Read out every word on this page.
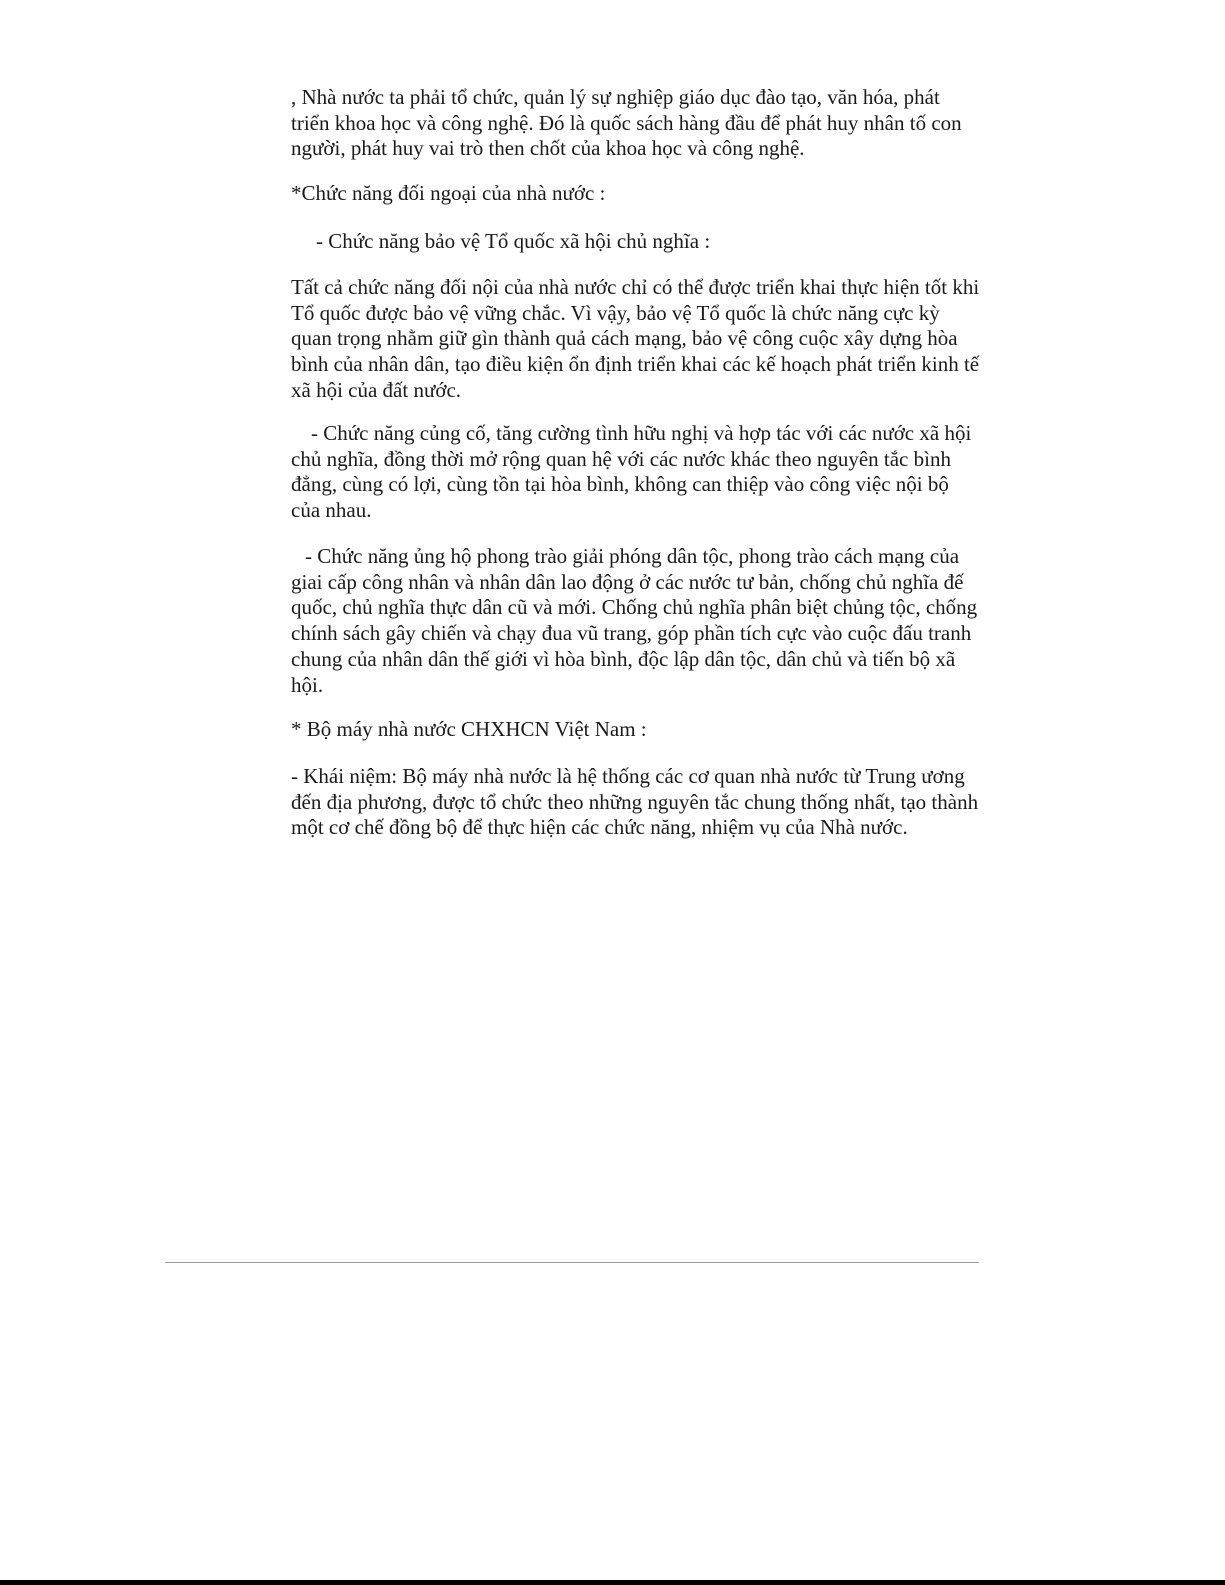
, Nhà nước ta phải tổ chức, quản lý sự nghiệp giáo dục đào tạo, văn hóa, phát triển khoa học và công nghệ. Đó là quốc sách hàng đầu để phát huy nhân tố con người, phát huy vai trò then chốt của khoa học và công nghệ.

*Chức năng đối ngoại của nhà nước :

- Chức năng bảo vệ Tổ quốc xã hội chủ nghĩa :

Tất cả chức năng đối nội của nhà nước chỉ có thể được triển khai thực hiện tốt khi Tổ quốc được bảo vệ vững chắc. Vì vậy, bảo vệ Tổ quốc là chức năng cực kỳ quan trọng nhằm giữ gìn thành quả cách mạng, bảo vệ công cuộc xây dựng hòa bình của nhân dân, tạo điều kiện ổn định triển khai các kế hoạch phát triển kinh tế xã hội của đất nước.

- Chức năng củng cố, tăng cường tình hữu nghị và hợp tác với các nước xã hội chủ nghĩa, đồng thời mở rộng quan hệ với các nước khác theo nguyên tắc bình đẳng, cùng có lợi, cùng tồn tại hòa bình, không can thiệp vào công việc nội bộ của nhau.

- Chức năng ủng hộ phong trào giải phóng dân tộc, phong trào cách mạng của giai cấp công nhân và nhân dân lao động ở các nước tư bản, chống chủ nghĩa đế quốc, chủ nghĩa thực dân cũ và mới. Chống chủ nghĩa phân biệt chủng tộc, chống chính sách gây chiến và chạy đua vũ trang, góp phần tích cực vào cuộc đấu tranh chung của nhân dân thế giới vì hòa bình, độc lập dân tộc, dân chủ và tiến bộ xã hội.

* Bộ máy nhà nước CHXHCN Việt Nam :

- Khái niệm: Bộ máy nhà nước là hệ thống các cơ quan nhà nước từ Trung ương đến địa phương, được tổ chức theo những nguyên tắc chung thống nhất, tạo thành một cơ chế đồng bộ để thực hiện các chức năng, nhiệm vụ của Nhà nước.
